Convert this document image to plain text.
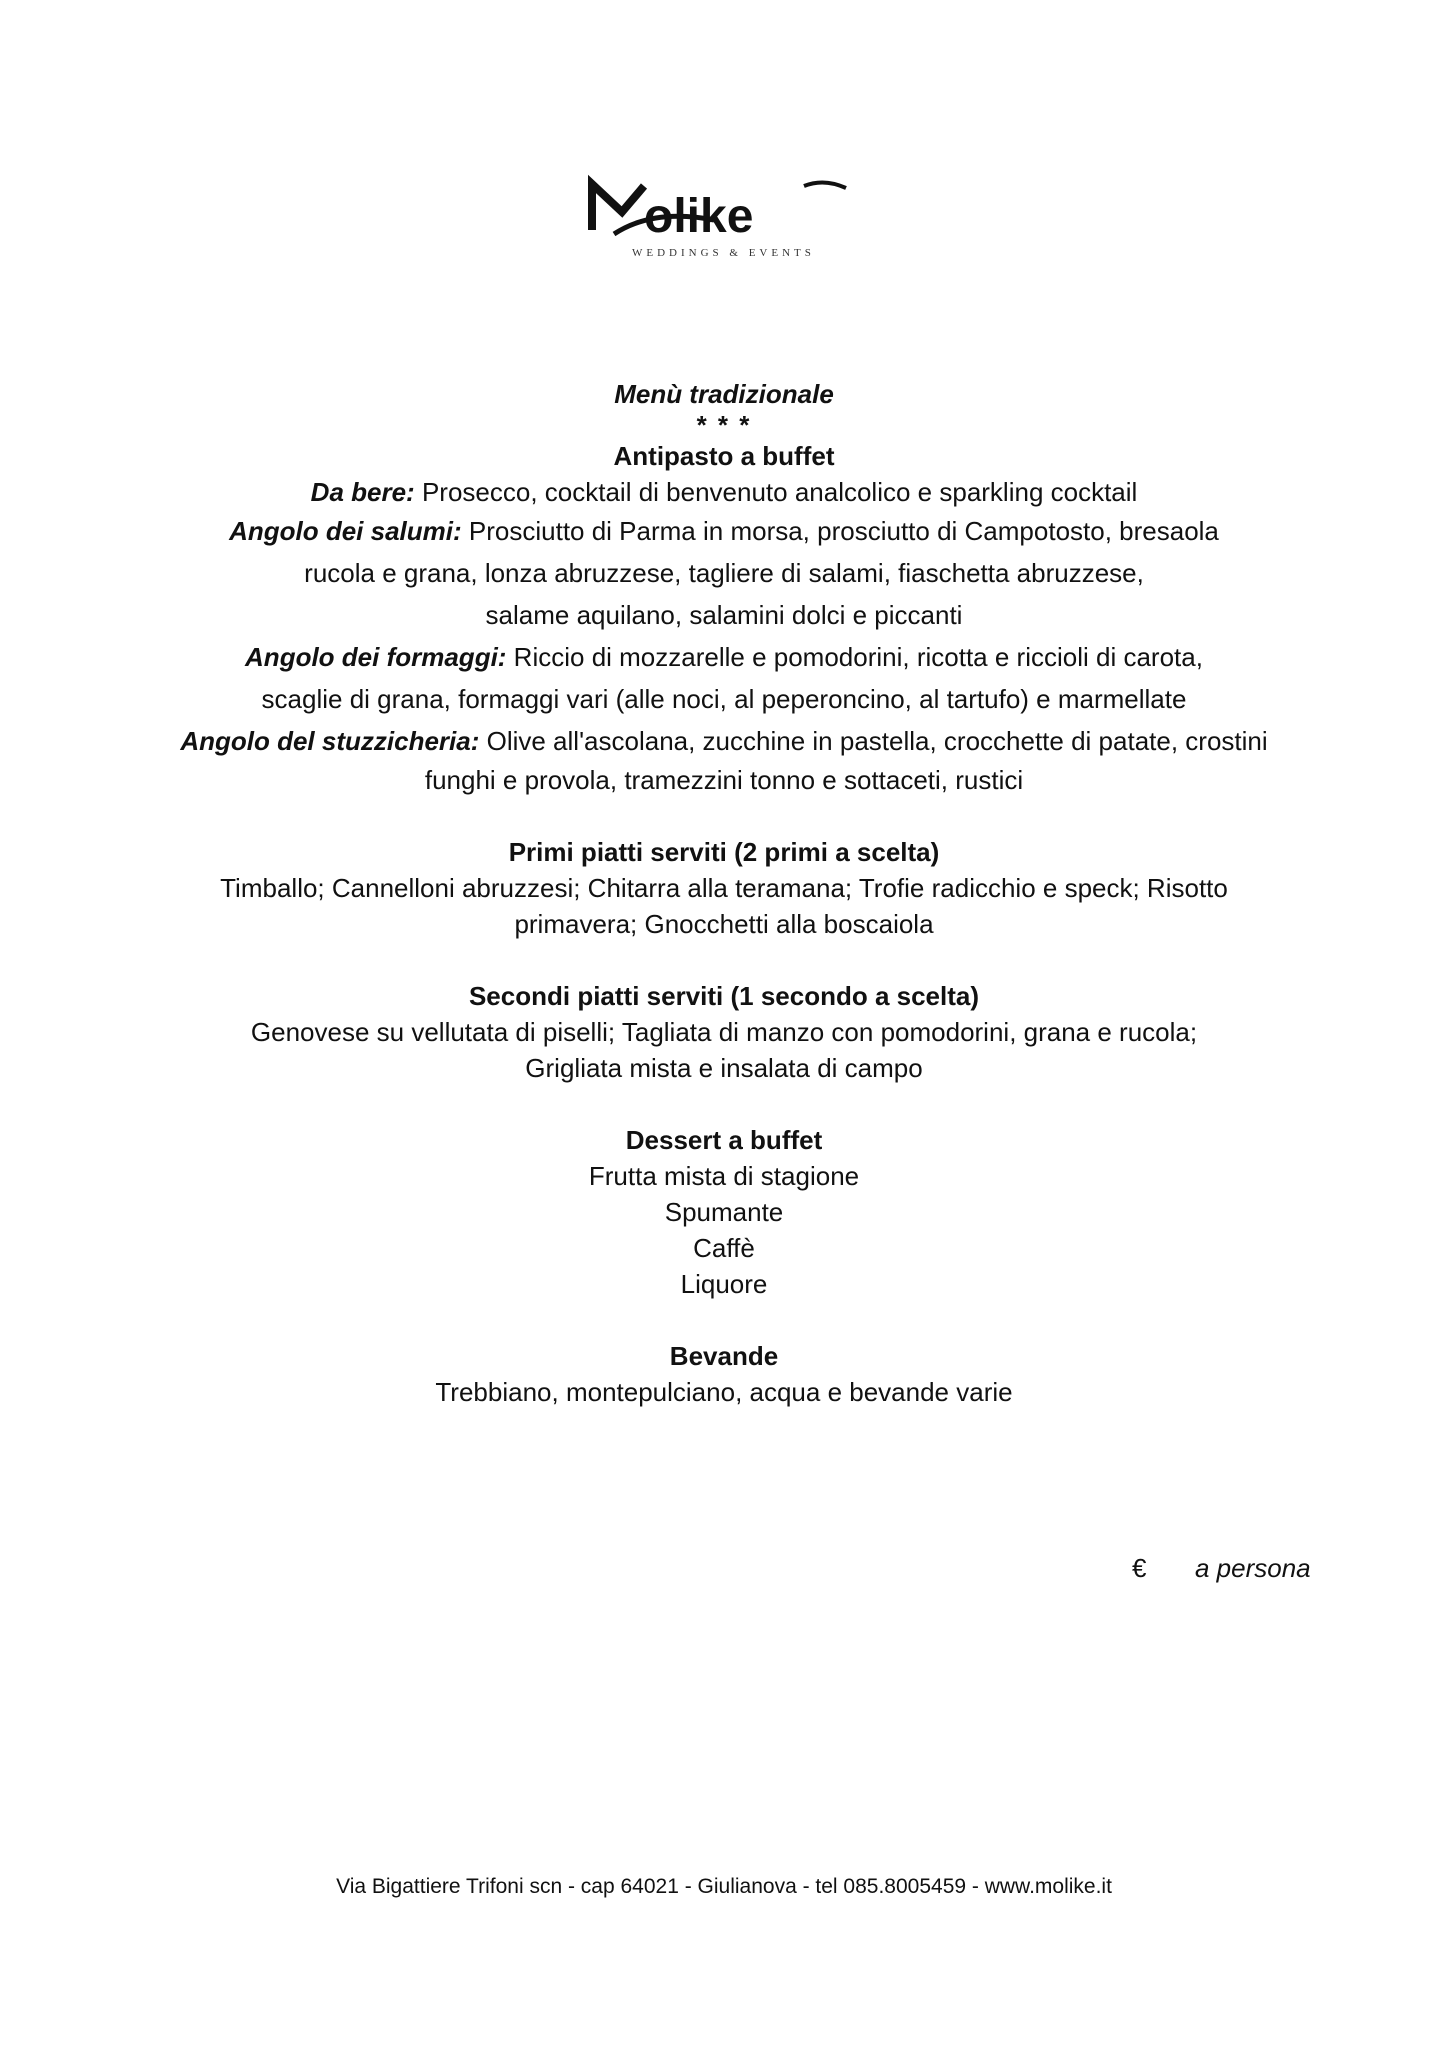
olike
WEDDINGS & EVENTS
Menù tradizionale
* * *
Antipasto a buffet
Da bere: Prosecco, cocktail di benvenuto analcolico e sparkling cocktail
Angolo dei salumi: Prosciutto di Parma in morsa, prosciutto di Campotosto, bresaola
rucola e grana, lonza abruzzese, tagliere di salami, fiaschetta abruzzese,
salame aquilano, salamini dolci e piccanti
Angolo dei formaggi: Riccio di mozzarelle e pomodorini, ricotta e riccioli di carota,
scaglie di grana, formaggi vari (alle noci, al peperoncino, al tartufo) e marmellate
Angolo del stuzzicheria: Olive all'ascolana, zucchine in pastella, crocchette di patate, crostini
funghi e provola, tramezzini tonno e sottaceti, rustici
Primi piatti serviti (2 primi a scelta)
Timballo; Cannelloni abruzzesi; Chitarra alla teramana; Trofie radicchio e speck; Risotto
primavera; Gnocchetti alla boscaiola
Secondi piatti serviti (1 secondo a scelta)
Genovese su vellutata di piselli; Tagliata di manzo con pomodorini, grana e rucola;
Grigliata mista e insalata di campo
Dessert a buffet
Frutta mista di stagione
Spumante
Caffè
Liquore
Bevande
Trebbiano, montepulciano, acqua e bevande varie
€ a persona
Via Bigattiere Trifoni scn - cap 64021 - Giulianova - tel 085.8005459 - www.molike.it
